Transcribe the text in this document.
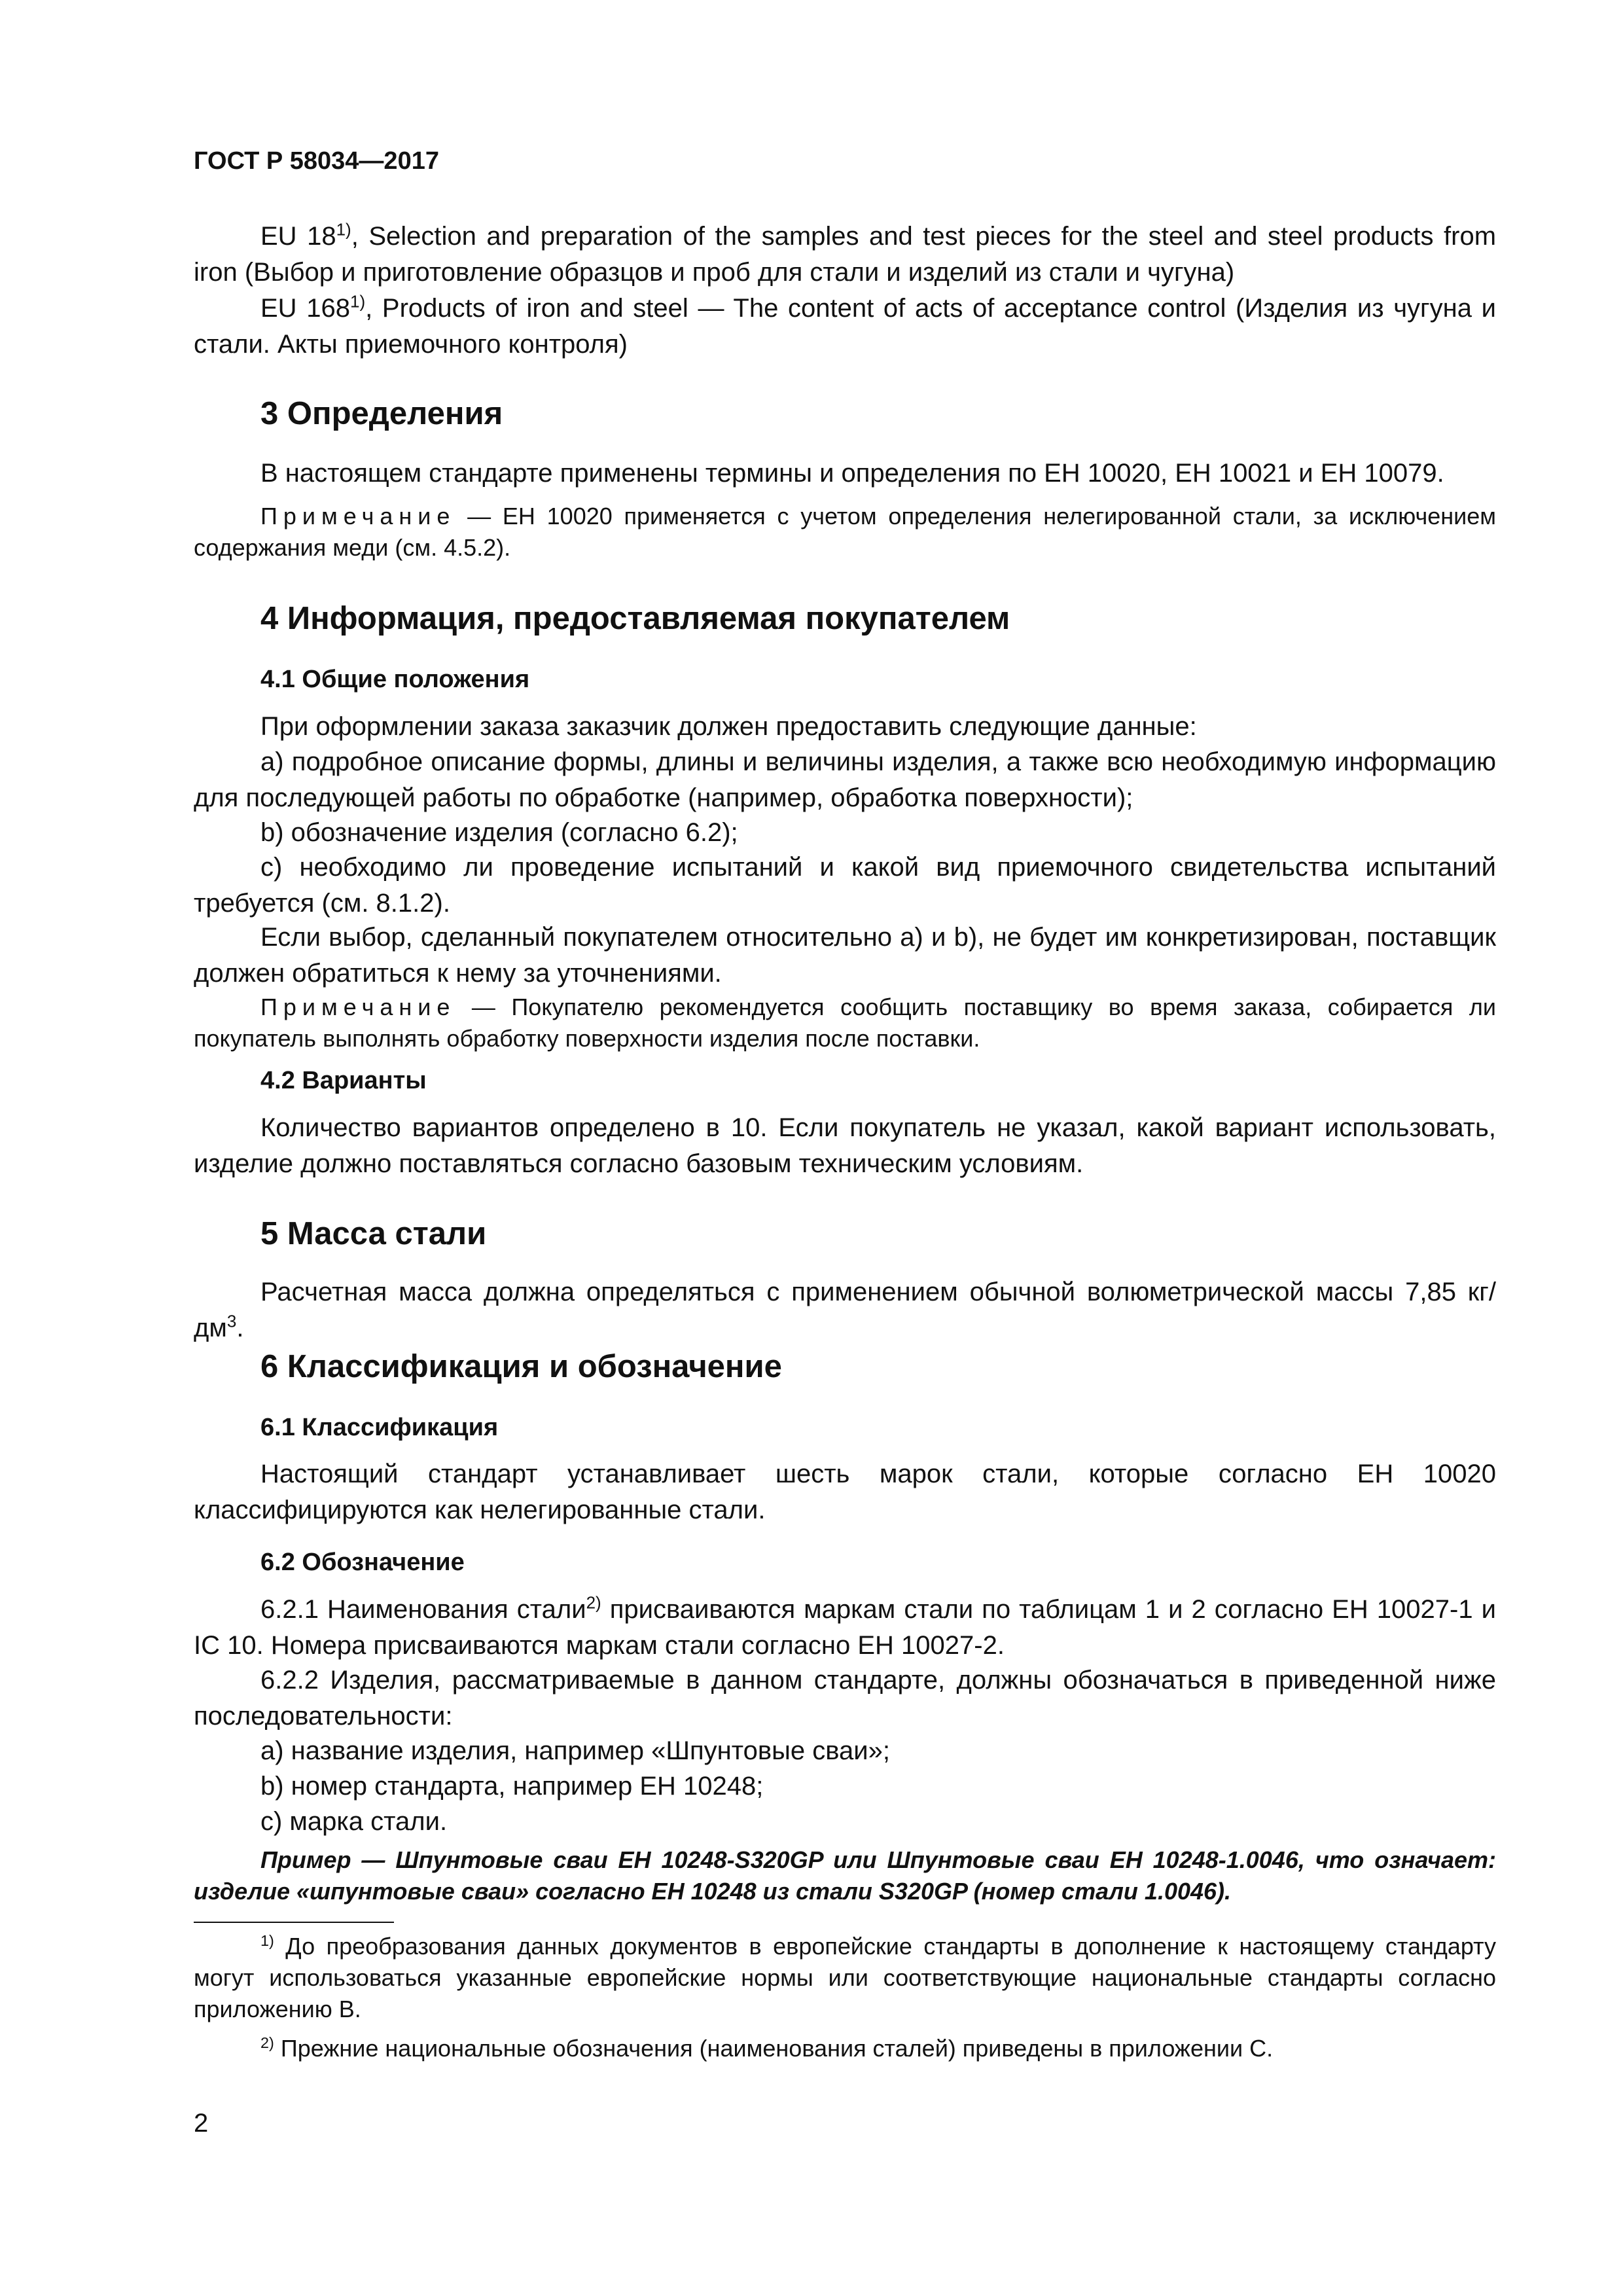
ГОСТ Р 58034—2017
EU 18$^{1)}$, Selection and preparation of the samples and test pieces for the steel and steel products from iron (Выбор и приготовление образцов и проб для стали и изделий из стали и чугуна)
EU 168$^{1)}$, Products of iron and steel — The content of acts of acceptance control (Изделия из чугуна и стали. Акты приемочного контроля)
3 Определения
В настоящем стандарте применены термины и определения по ЕН 10020, ЕН 10021 и ЕН 10079.
Примечание — ЕН 10020 применяется с учетом определения нелегированной стали, за исключением содержания меди (см. 4.5.2).
4 Информация, предоставляемая покупателем
4.1 Общие положения
При оформлении заказа заказчик должен предоставить следующие данные:
a) подробное описание формы, длины и величины изделия, а также всю необходимую информацию для последующей работы по обработке (например, обработка поверхности);
b) обозначение изделия (согласно 6.2);
c) необходимо ли проведение испытаний и какой вид приемочного свидетельства испытаний требуется (см. 8.1.2).
Если выбор, сделанный покупателем относительно a) и b), не будет им конкретизирован, поставщик должен обратиться к нему за уточнениями.
Примечание — Покупателю рекомендуется сообщить поставщику во время заказа, собирается ли покупатель выполнять обработку поверхности изделия после поставки.
4.2 Варианты
Количество вариантов определено в 10. Если покупатель не указал, какой вариант использовать, изделие должно поставляться согласно базовым техническим условиям.
5 Масса стали
Расчетная масса должна определяться с применением обычной волюметрической массы 7,85 $кг/дм^3$.
6 Классификация и обозначение
6.1 Классификация
Настоящий стандарт устанавливает шесть марок стали, которые согласно ЕН 10020 классифицируются как нелегированные стали.
6.2 Обозначение
6.2.1 Наименования стали$^{2)}$ присваиваются маркам стали по таблицам 1 и 2 согласно ЕН 10027-1 и IC 10. Номера присваиваются маркам стали согласно ЕН 10027-2.
6.2.2 Изделия, рассматриваемые в данном стандарте, должны обозначаться в приведенной ниже последовательности:
a) название изделия, например «Шпунтовые сваи»;
b) номер стандарта, например ЕН 10248;
c) марка стали.
Пример — Шпунтовые сваи ЕН 10248-S320GP или Шпунтовые сваи ЕН 10248-1.0046, что означает: изделие «шпунтовые сваи» согласно ЕН 10248 из стали S320GP (номер стали 1.0046).
$^{1)}$ До преобразования данных документов в европейские стандарты в дополнение к настоящему стандарту могут использоваться указанные европейские нормы или соответствующие национальные стандарты согласно приложению В.
$^{2)}$ Прежние национальные обозначения (наименования сталей) приведены в приложении С.
2
